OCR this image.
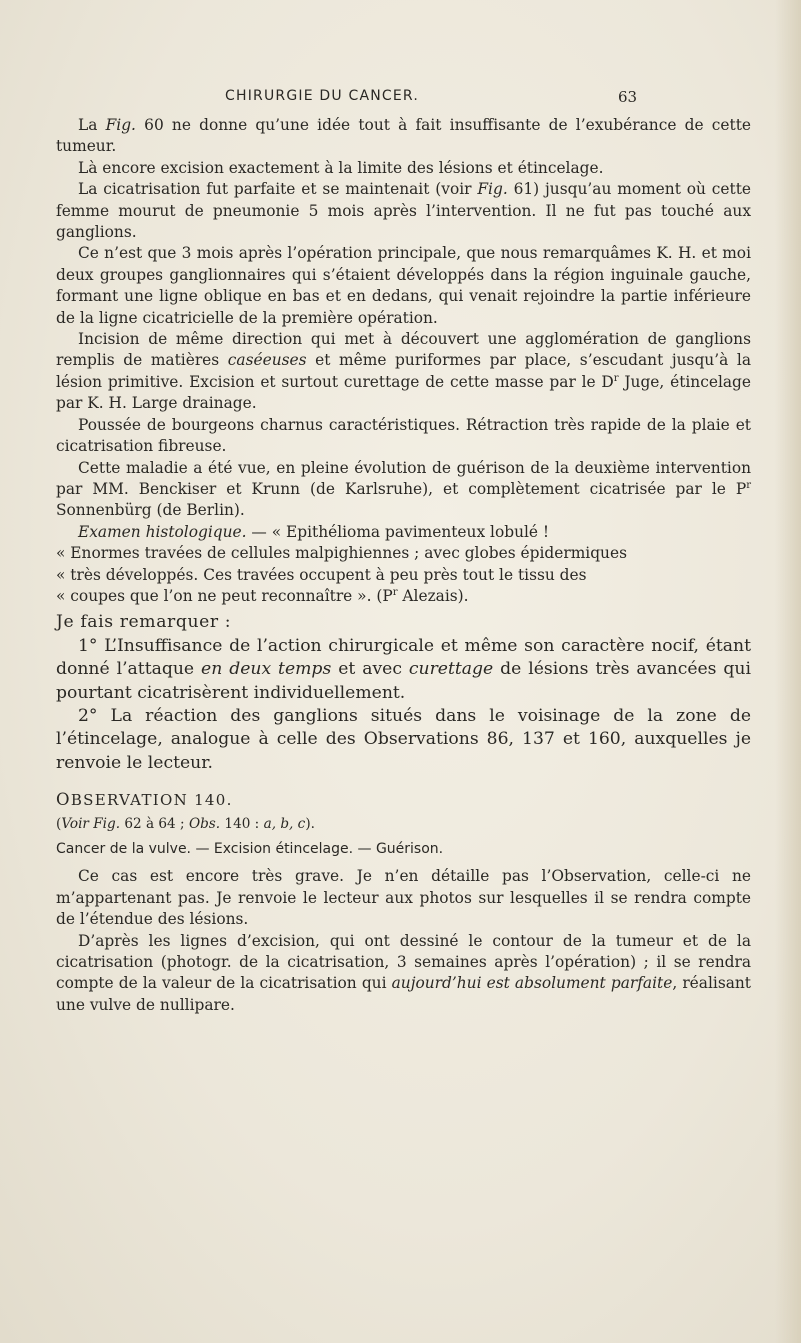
CHIRURGIE DU CANCER.	63

La Fig. 60 ne donne qu’une idée tout à fait insuffisante de l’exubérance de cette tumeur.

Là encore excision exactement à la limite des lésions et étincelage.

La cicatrisation fut parfaite et se maintenait (voir Fig. 61) jusqu’au moment où cette femme mourut de pneumonie 5 mois après l’intervention. Il ne fut pas touché aux ganglions.

Ce n’est que 3 mois après l’opération principale, que nous remarquâmes K. H. et moi deux groupes ganglionnaires qui s’étaient développés dans la région inguinale gauche, formant une ligne oblique en bas et en dedans, qui venait rejoindre la partie inférieure de la ligne cicatricielle de la première opération.

Incision de même direction qui met à découvert une agglomération de ganglions remplis de matières caséeuses et même puriformes par place, s’escudant jusqu’à la lésion primitive. Excision et surtout curettage de cette masse par le $D^r$ Juge, étincelage par K. H. Large drainage.

Poussée de bourgeons charnus caractéristiques. Rétraction très rapide de la plaie et cicatrisation fibreuse.

Cette maladie a été vue, en pleine évolution de guérison de la deuxième intervention par MM. Benckiser et Krunn (de Karlsruhe), et complètement cicatrisée par le $P^r$ Sonnenbürg (de Berlin).

Examen histologique. — « Epithélioma pavimenteux lobulé !

« Enormes travées de cellules malpighiennes ; avec globes épidermiques

« très développés. Ces travées occupent à peu près tout le tissu des

« coupes que l’on ne peut reconnaître ». ($P^r$ Alezais).

Je fais remarquer :

1° L’Insuffisance de l’action chirurgicale et même son caractère nocif, étant donné l’attaque en deux temps et avec curettage de lésions très avancées qui pourtant cicatrisèrent individuellement.

2° La réaction des ganglions situés dans le voisinage de la zone de l’étincelage, analogue à celle des Observations 86, 137 et 160, auxquelles je renvoie le lecteur.

OBSERVATION 140.

(Voir Fig. 62 à 64 ; Obs. 140 : a, b, c).

Cancer de la vulve. — Excision étincelage. — Guérison.

Ce cas est encore très grave. Je n’en détaille pas l’Observation, celle-ci ne m’appartenant pas. Je renvoie le lecteur aux photos sur lesquelles il se rendra compte de l’étendue des lésions.

D’après les lignes d’excision, qui ont dessiné le contour de la tumeur et de la cicatrisation (photogr. de la cicatrisation, 3 semaines après l’opération) ; il se rendra compte de la valeur de la cicatrisation qui aujourd’hui est absolument parfaite, réalisant une vulve de nullipare.
